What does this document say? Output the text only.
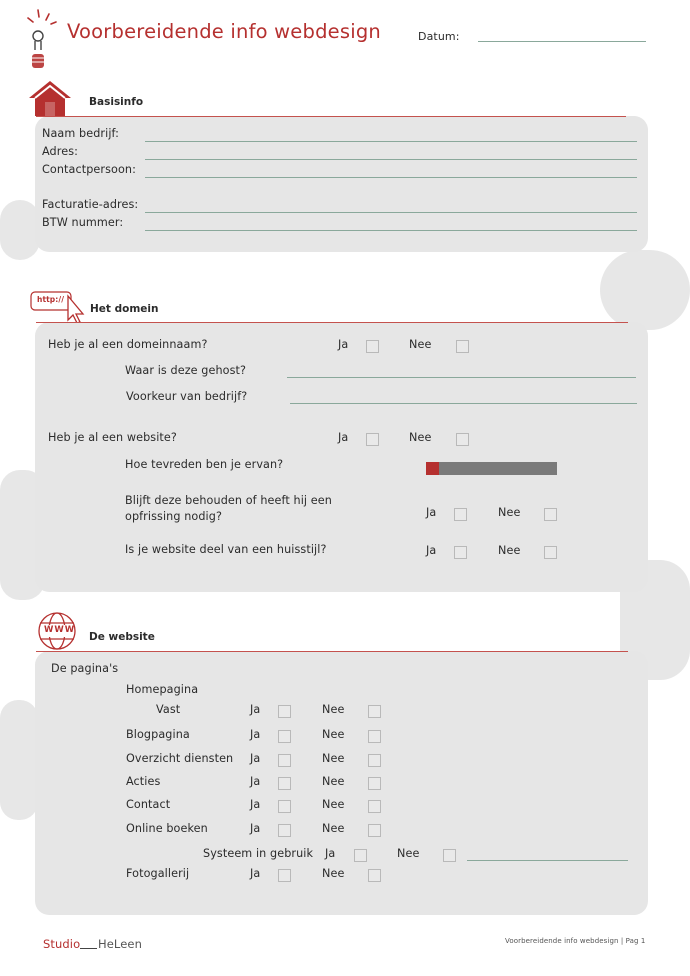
Voorbereidende info webdesign	Datum:
Basisinfo
Naam bedrijf:
Adres:
Contactpersoon:
Facturatie-adres:
BTW nummer:
http://
Het domein
Heb je al een domeinnaam?	Ja	Nee
Waar is deze gehost?
Voorkeur van bedrijf?
Heb je al een website?	Ja	Nee
Hoe tevreden ben je ervan?
Blijft deze behouden of heeft hij een
opfrissing nodig?	Ja	Nee
Is je website deel van een huisstijl?	Ja	Nee
WWW
De website
De pagina's
Homepagina
Vast	Ja	Nee
Blogpagina	Ja	Nee
Overzicht diensten Ja	Nee
Acties	Ja	Nee
Contact	Ja	Nee
Online boeken	Ja	Nee
Systeem in gebruik Ja	Nee
Fotogallerij	Ja	Nee
Studio HeLeen	Voorbereidende info webdesign | Pag 1
